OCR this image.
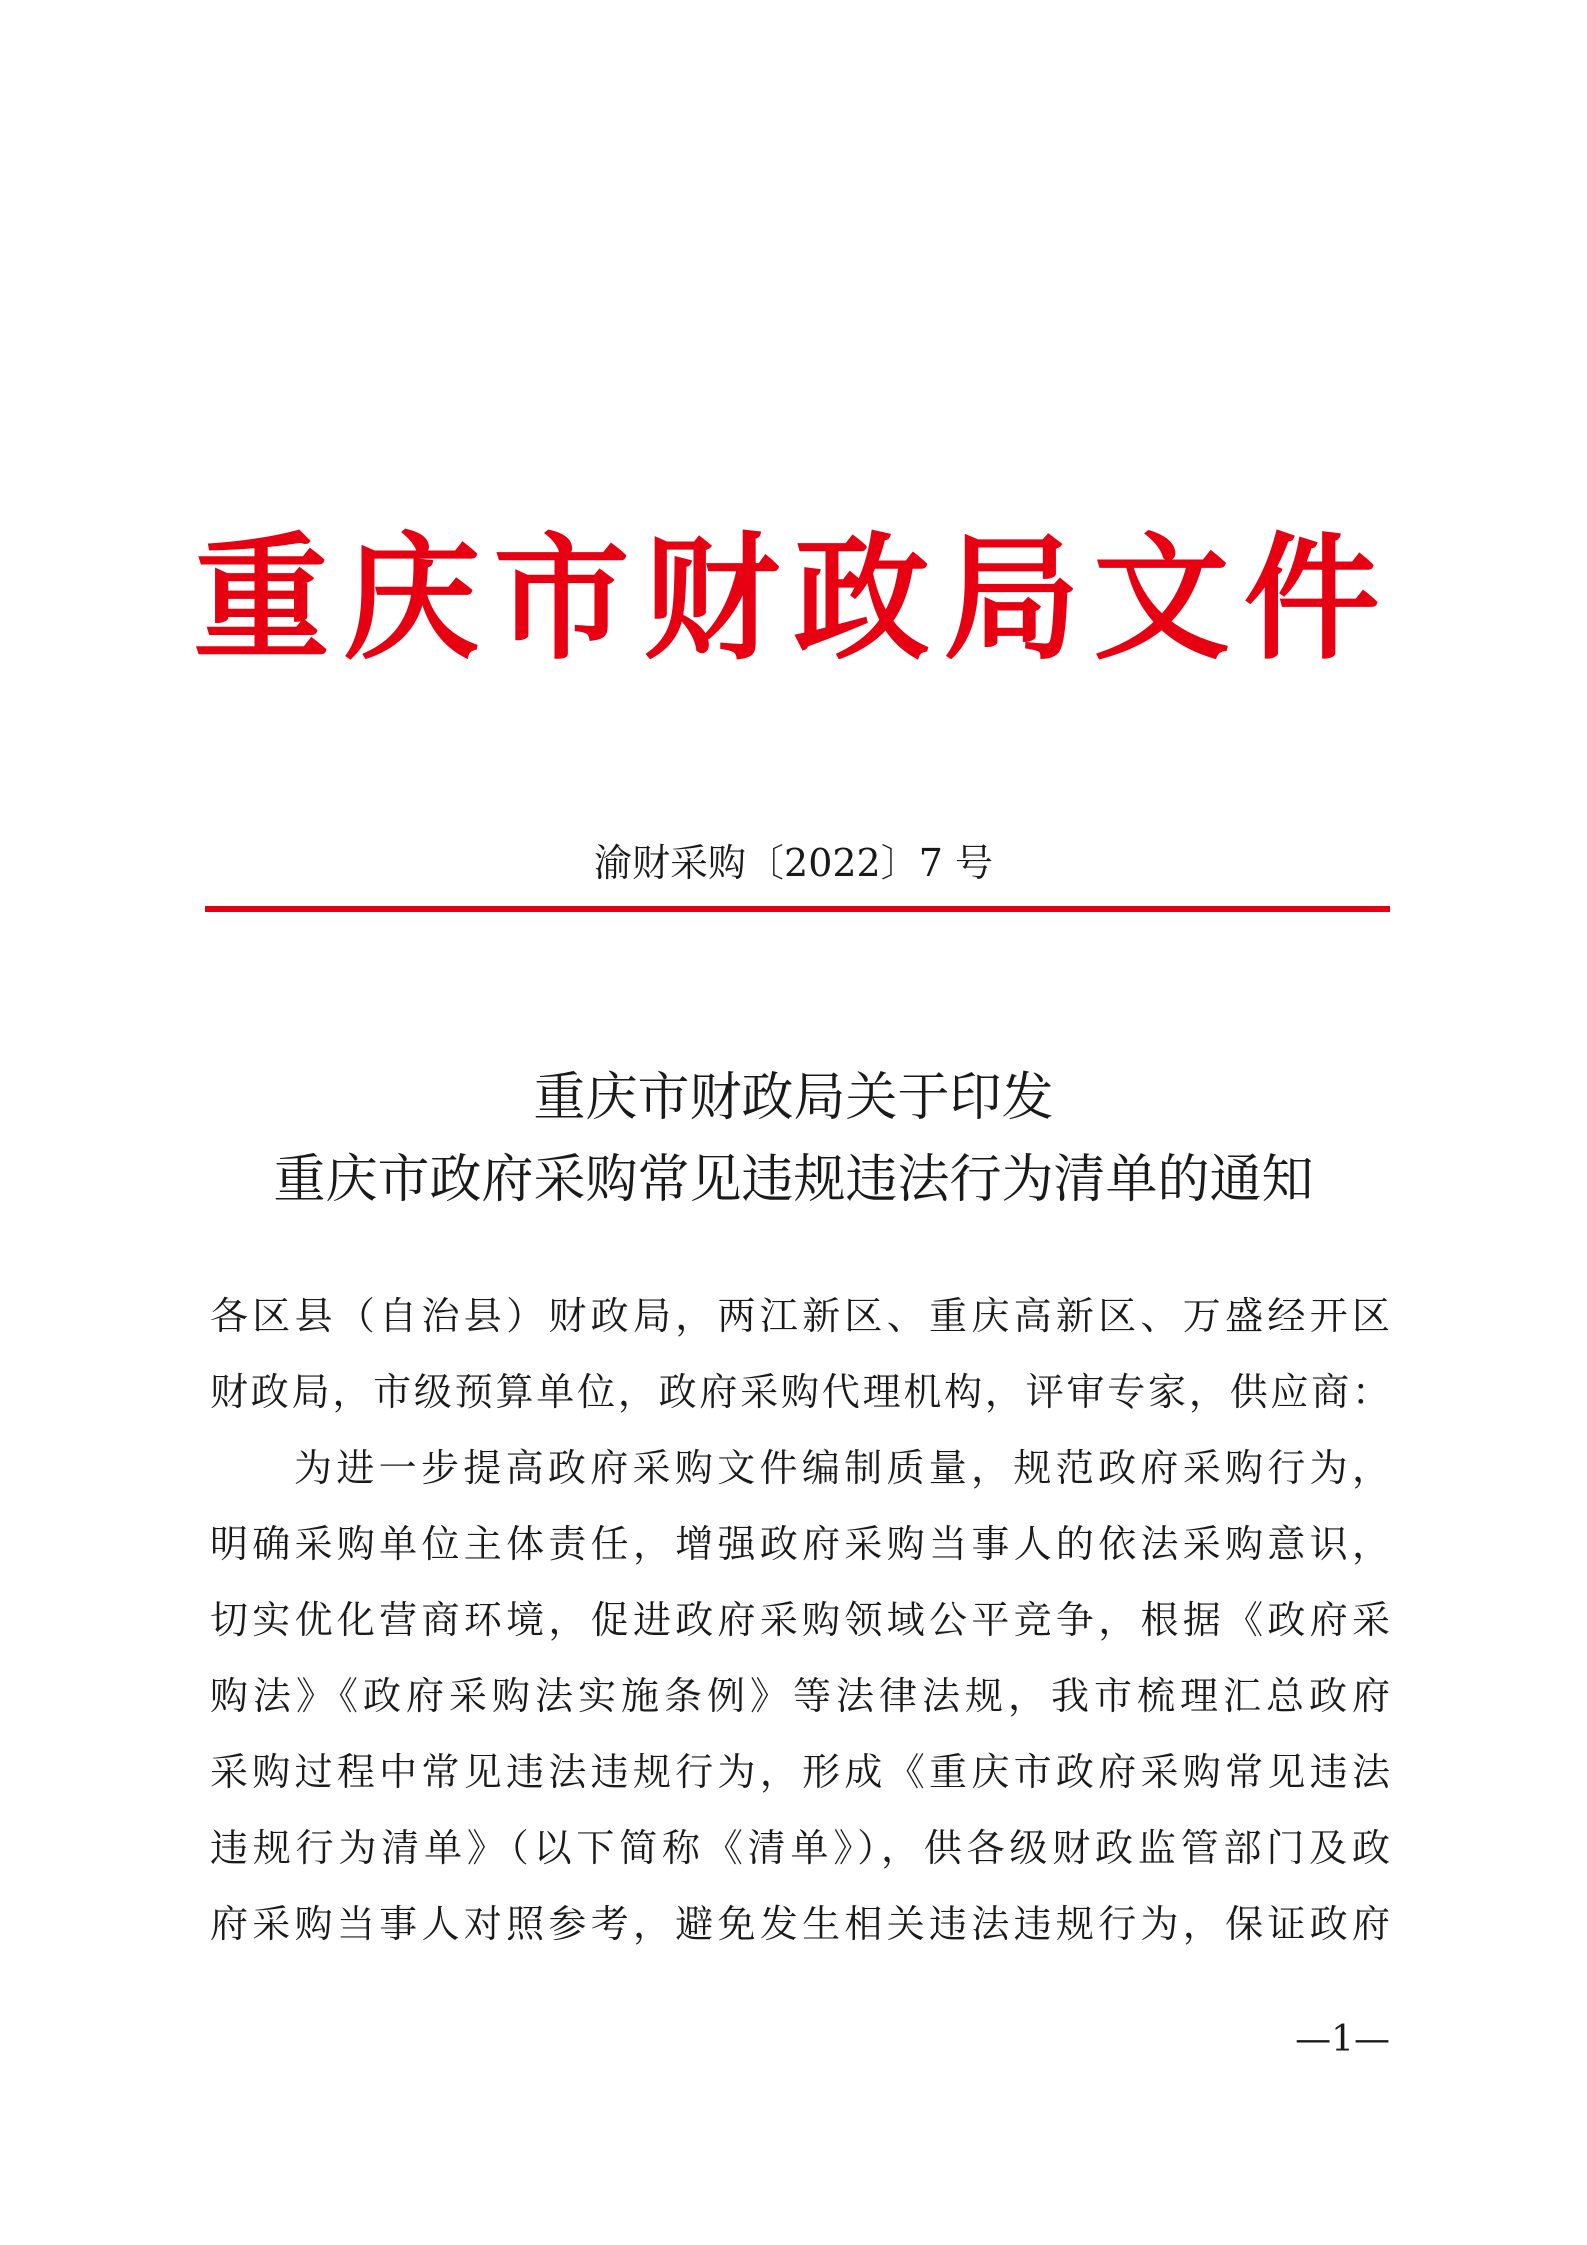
重庆市财政局文件
渝财采购〔2022〕7 号
重庆市财政局关于印发
重庆市政府采购常见违规违法行为清单的通知
各区县（自治县）财政局，两江新区、重庆高新区、万盛经开区
财政局，市级预算单位，政府采购代理机构，评审专家，供应商：
为进一步提高政府采购文件编制质量，规范政府采购行为，
明确采购单位主体责任，增强政府采购当事人的依法采购意识，
切实优化营商环境，促进政府采购领域公平竞争，根据《政府采
购法》《政府采购法实施条例》等法律法规，我市梳理汇总政府
采购过程中常见违法违规行为，形成《重庆市政府采购常见违法
违规行为清单》（以下简称《清单》），供各级财政监管部门及政
府采购当事人对照参考，避免发生相关违法违规行为，保证政府
—1—
